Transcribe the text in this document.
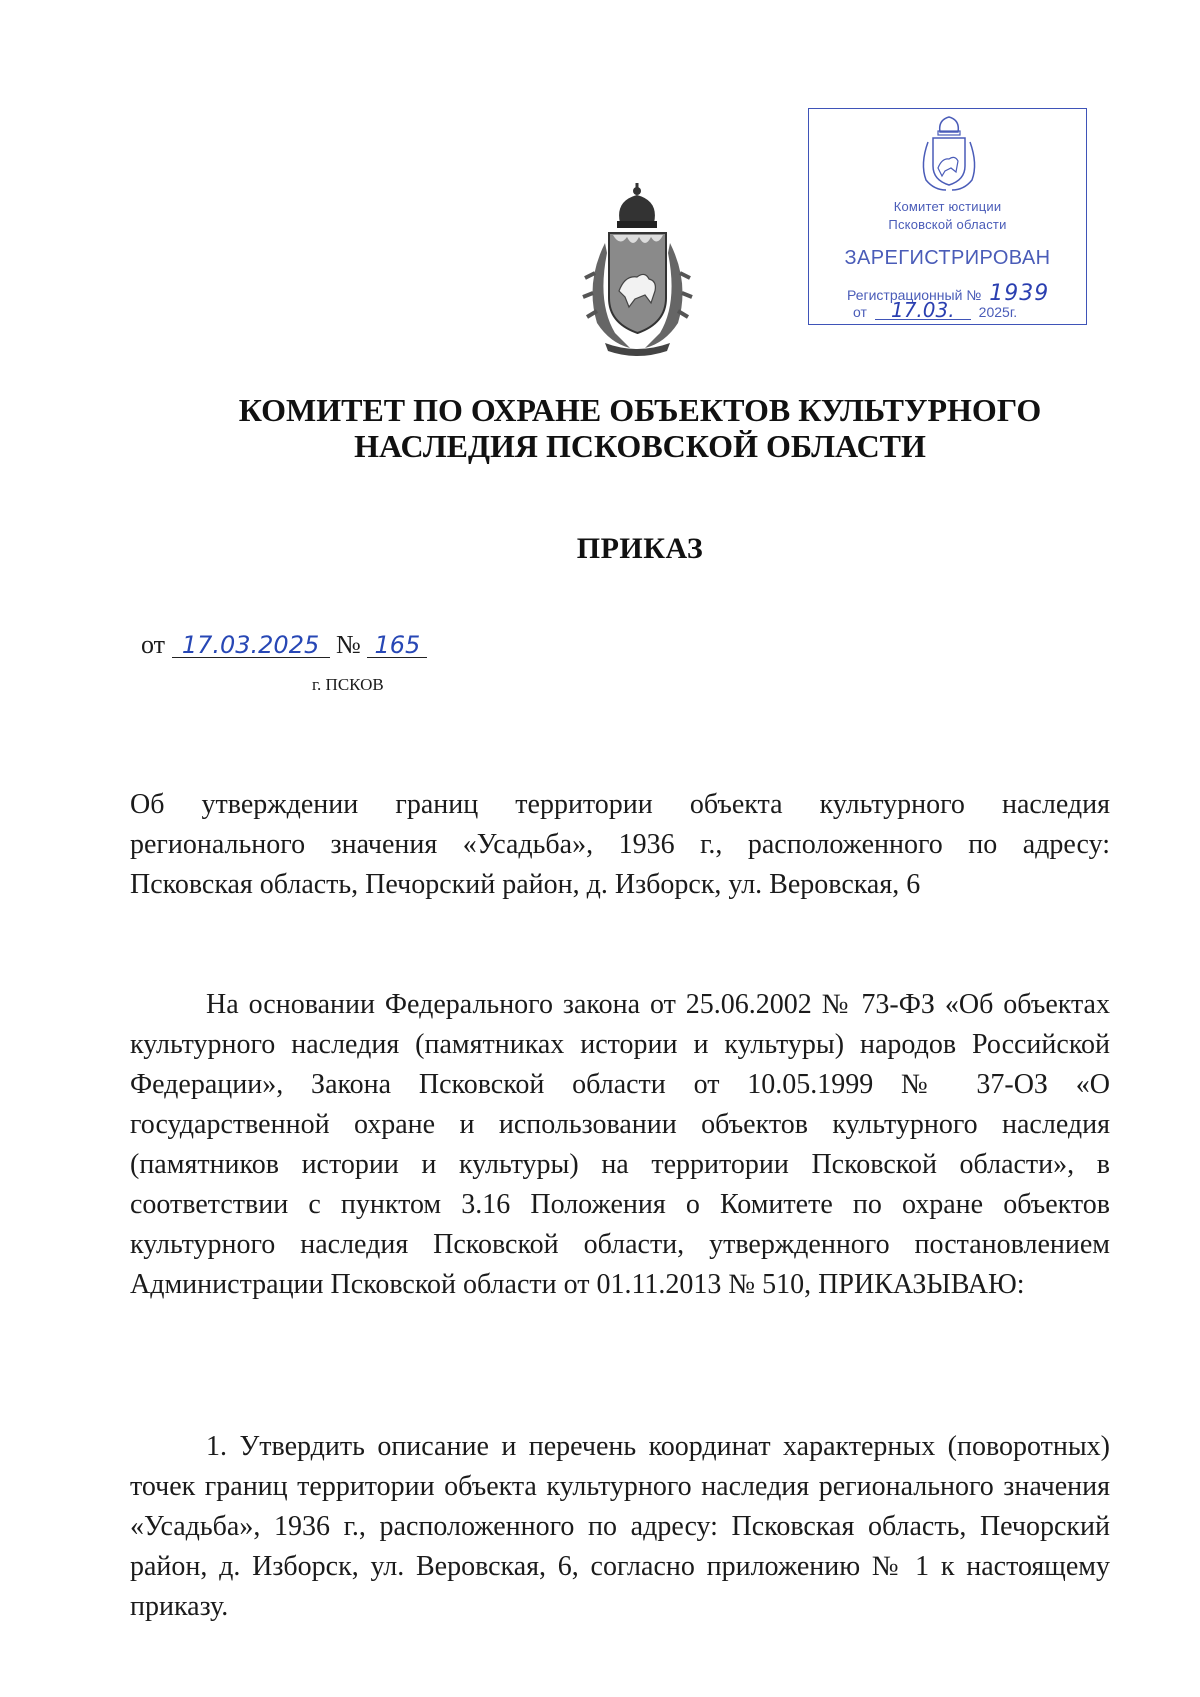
Комитет юстиции
Псковской области
ЗАРЕГИСТРИРОВАН
Регистрационный № 1939
от 17.03. 2025г.
КОМИТЕТ ПО ОХРАНЕ ОБЪЕКТОВ КУЛЬТУРНОГО
НАСЛЕДИЯ ПСКОВСКОЙ ОБЛАСТИ
ПРИКАЗ
от 17.03.2025 № 165
г. ПСКОВ
Об утверждении границ территории объекта культурного наследия регионального значения «Усадьба», 1936 г., расположенного по адресу: Псковская область, Печорский район, д. Изборск, ул. Веровская, 6
На основании Федерального закона от 25.06.2002 № 73-ФЗ «Об объектах культурного наследия (памятниках истории и культуры) народов Российской Федерации», Закона Псковской области от 10.05.1999 № 37-ОЗ «О государственной охране и использовании объектов культурного наследия (памятников истории и культуры) на территории Псковской области», в соответствии с пунктом 3.16 Положения о Комитете по охране объектов культурного наследия Псковской области, утвержденного постановлением Администрации Псковской области от 01.11.2013 № 510, ПРИКАЗЫВАЮ:
1. Утвердить описание и перечень координат характерных (поворотных) точек границ территории объекта культурного наследия регионального значения «Усадьба», 1936 г., расположенного по адресу: Псковская область, Печорский район, д. Изборск, ул. Веровская, 6, согласно приложению № 1 к настоящему приказу.
